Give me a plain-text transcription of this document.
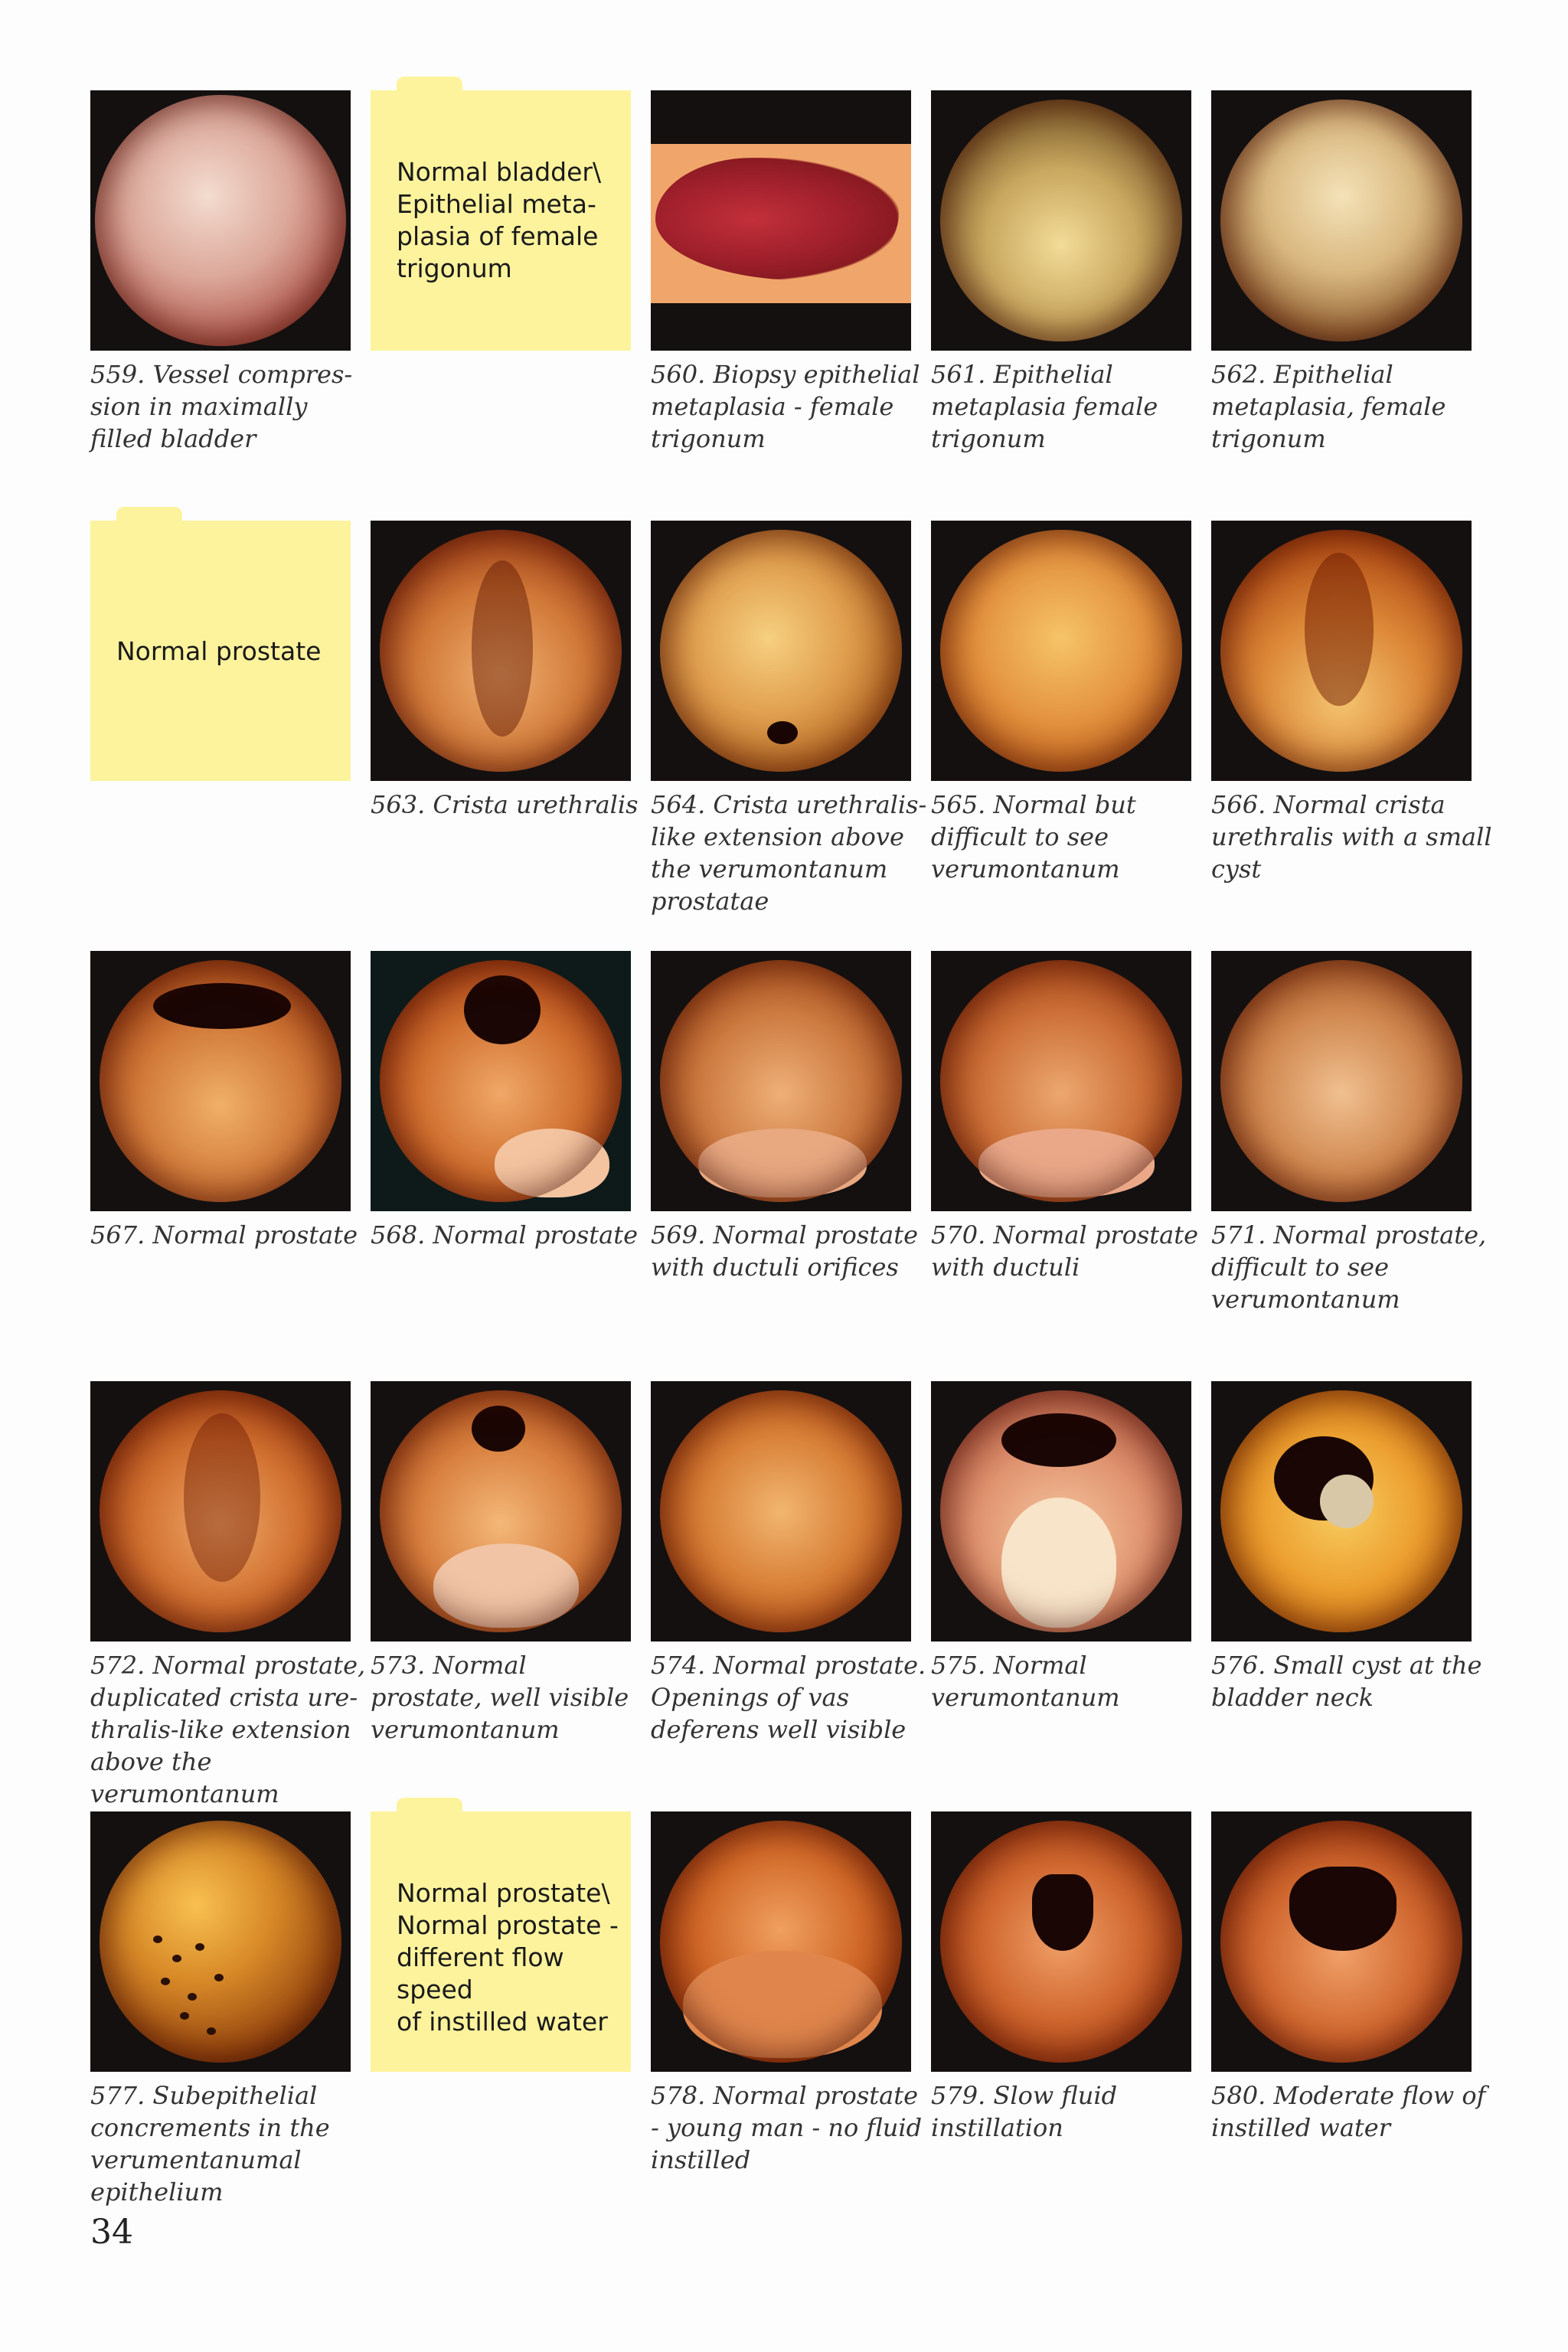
559. Vessel compres-
sion in maximally
filled bladder
Normal bladder\
Epithelial meta-
plasia of female
trigonum
560. Biopsy epithelial
metaplasia - female
trigonum
561. Epithelial
metaplasia female
trigonum
562. Epithelial
metaplasia, female
trigonum
Normal prostate
563. Crista urethralis 564. Crista urethralis-
like extension above
the verumontanum
prostatae
565. Normal but
difficult to see
verumontanum
566. Normal crista
urethralis with a small
cyst
567. Normal prostate 568. Normal prostate 569. Normal prostate
with ductuli orifices
570. Normal prostate
with ductuli
571. Normal prostate,
difficult to see
verumontanum
572. Normal prostate,
duplicated crista ure-
thralis-like extension
above the verumontanum
573. Normal
prostate, well visible
verumontanum
574. Normal prostate.
Openings of vas
deferens well visible
575. Normal
verumontanum
576. Small cyst at the
bladder neck
577. Subepithelial
concrements in the
verumentanumal
epithelium
Normal prostate\
Normal prostate -
different flow speed
of instilled water
578. Normal prostate
- young man - no fluid
instilled
579. Slow fluid
instillation
580. Moderate flow of
instilled water
34
